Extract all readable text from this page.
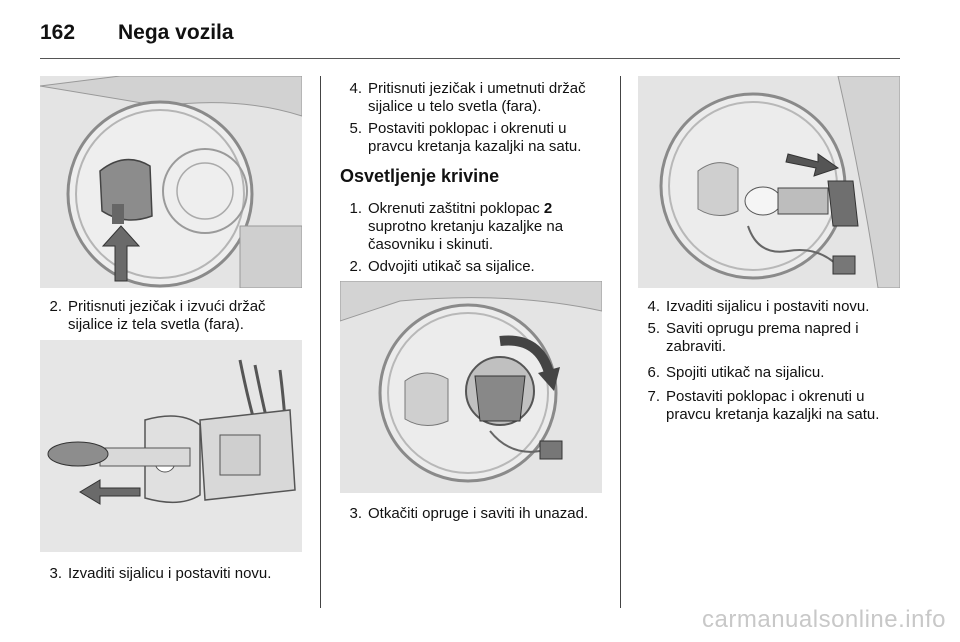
162	Nega vozila
2. Pritisnuti jezičak i izvući držač sijalice iz tela svetla (fara).
3. Izvaditi sijalicu i postaviti novu.
4. Pritisnuti jezičak i umetnuti držač sijalice u telo svetla (fara).
5. Postaviti poklopac i okrenuti u pravcu kretanja kazaljki na satu.
Osvetljenje krivine
1. Okrenuti zaštitni poklopac 2 suprotno kretanju kazaljke na časovniku i skinuti.
2. Odvojiti utikač sa sijalice.
3. Otkačiti opruge i saviti ih unazad.
4. Izvaditi sijalicu i postaviti novu.
5. Saviti oprugu prema napred i zabraviti.
6. Spojiti utikač na sijalicu.
7. Postaviti poklopac i okrenuti u pravcu kretanja kazaljki na satu.
carmanualsonline.info
